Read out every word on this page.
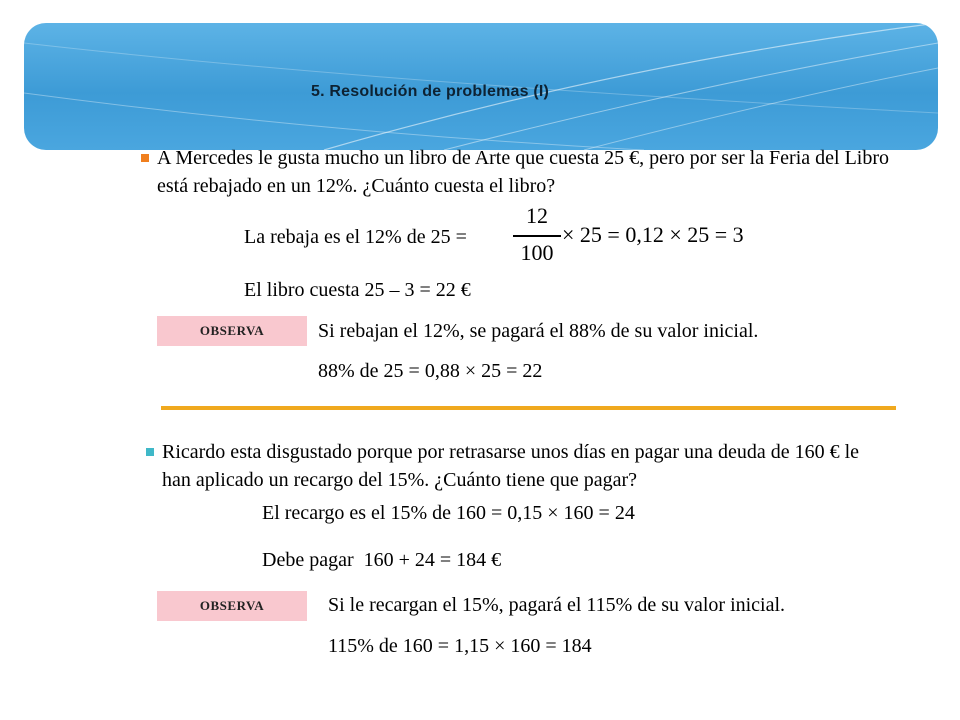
5. Resolución de problemas (I)
A Mercedes le gusta mucho un libro de Arte que cuesta 25 €, pero por ser la Feria del Libro está rebajado en un 12%. ¿Cuánto cuesta el libro?
La rebaja es el 12% de 25 =
12
100
× 25 = 0,12 × 25 = 3
El libro cuesta 25 – 3 = 22 €
OBSERVA	Si rebajan el 12%, se pagará el 88% de su valor inicial.
88% de 25 = 0,88 × 25 = 22
Ricardo esta disgustado porque por retrasarse unos días en pagar una deuda de 160 € le han aplicado un recargo del 15%. ¿Cuánto tiene que pagar?
El recargo es el 15% de 160 = 0,15 × 160 = 24
Debe pagar  160 + 24 = 184 €
OBSERVA	Si le recargan el 15%, pagará el 115% de su valor inicial.
115% de 160 = 1,15 × 160 = 184
